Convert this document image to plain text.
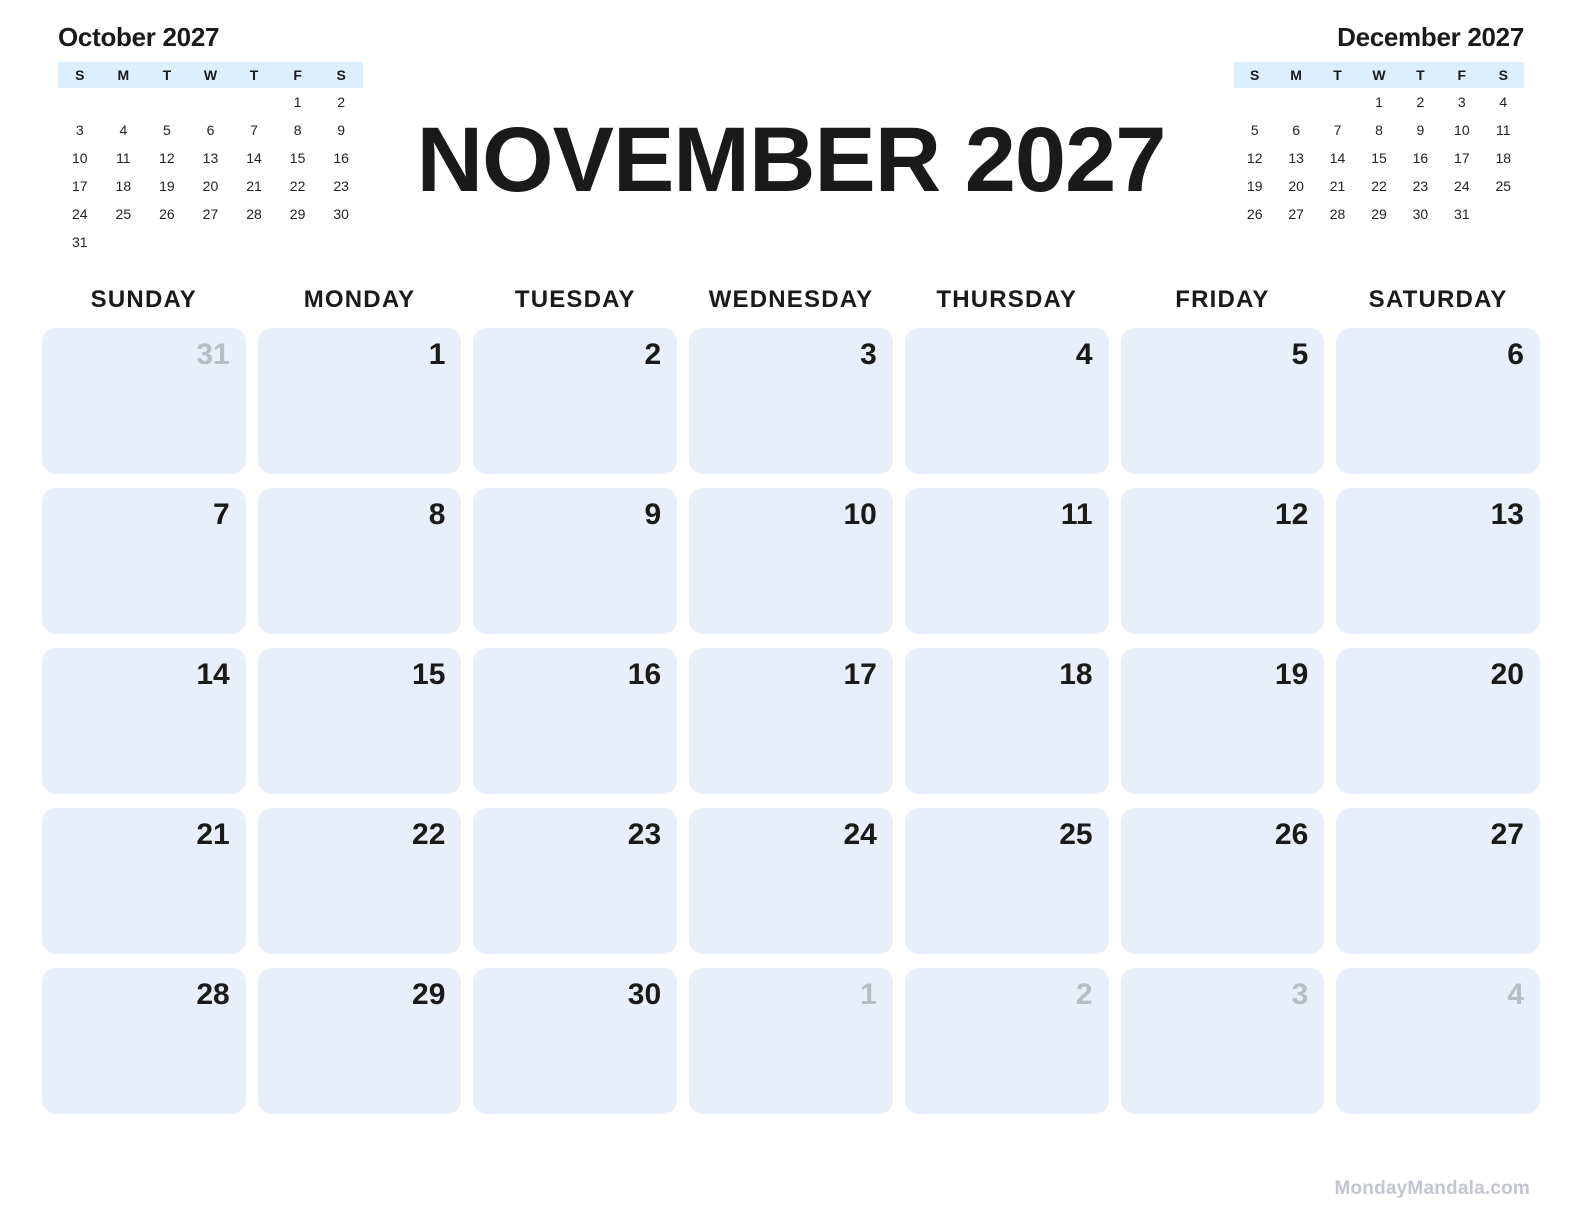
October 2027
S	M	T	W	T	F	S
					1	2
3	4	5	6	7	8	9
10	11	12	13	14	15	16
17	18	19	20	21	22	23
24	25	26	27	28	29	30
31						
NOVEMBER 2027
December 2027
S	M	T	W	T	F	S
			1	2	3	4
5	6	7	8	9	10	11
12	13	14	15	16	17	18
19	20	21	22	23	24	25
26	27	28	29	30	31	
SUNDAY	MONDAY	TUESDAY	WEDNESDAY	THURSDAY	FRIDAY	SATURDAY
31	1	2	3	4	5	6
7	8	9	10	11	12	13
14	15	16	17	18	19	20
21	22	23	24	25	26	27
28	29	30	1	2	3	4
MondayMandala.com
